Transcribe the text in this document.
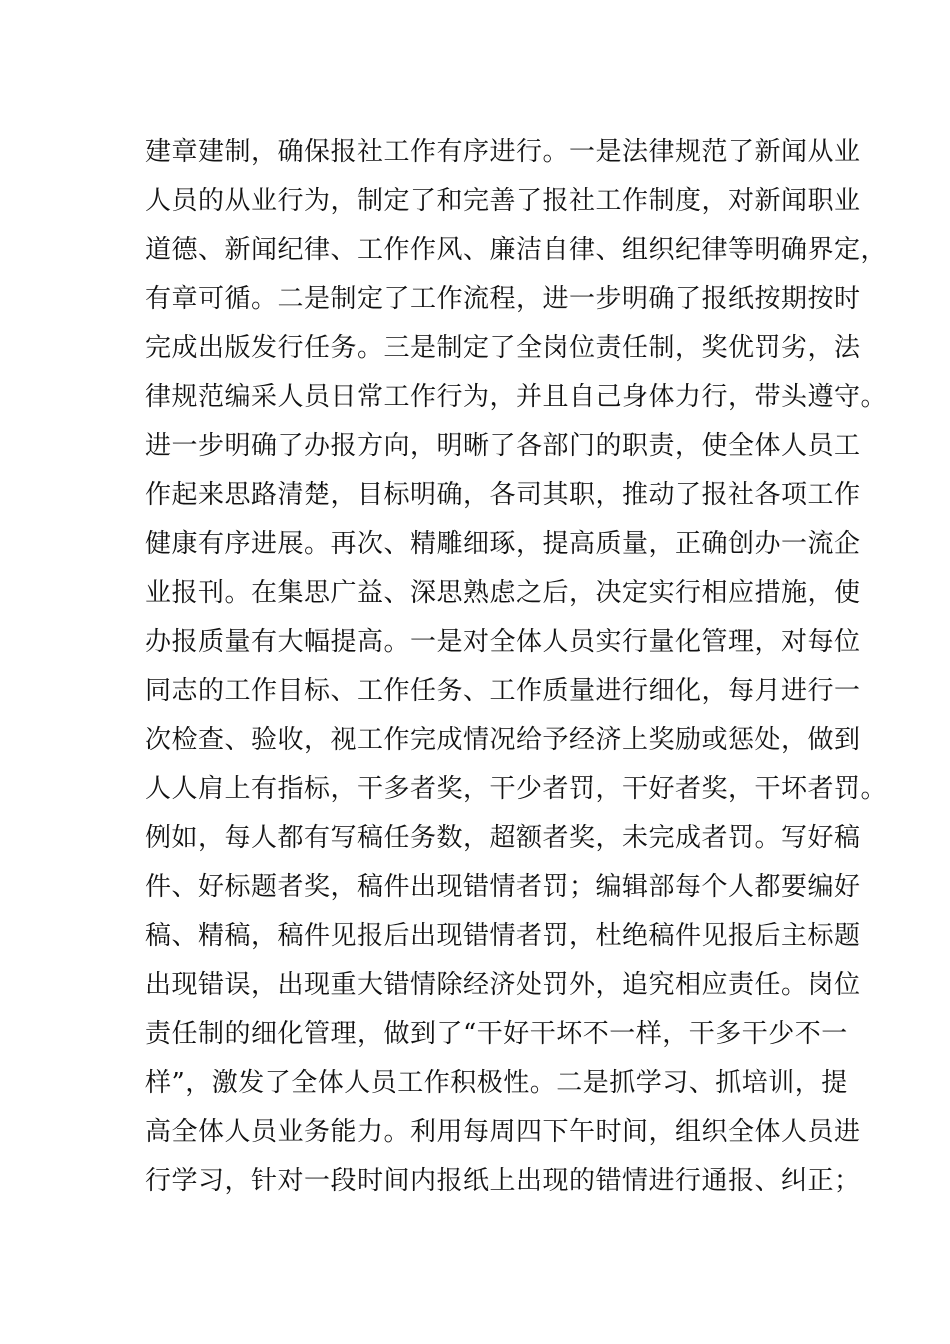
建章建制，确保报社工作有序进行。一是法律规范了新闻从业
人员的从业行为，制定了和完善了报社工作制度，对新闻职业
道德、新闻纪律、工作作风、廉洁自律、组织纪律等明确界定，
有章可循。二是制定了工作流程，进一步明确了报纸按期按时
完成出版发行任务。三是制定了全岗位责任制，奖优罚劣，法
律规范编采人员日常工作行为，并且自己身体力行，带头遵守。
进一步明确了办报方向，明晰了各部门的职责，使全体人员工
作起来思路清楚，目标明确，各司其职，推动了报社各项工作
健康有序进展。再次、精雕细琢，提高质量，正确创办一流企
业报刊。在集思广益、深思熟虑之后，决定实行相应措施，使
办报质量有大幅提高。一是对全体人员实行量化管理，对每位
同志的工作目标、工作任务、工作质量进行细化，每月进行一
次检查、验收，视工作完成情况给予经济上奖励或惩处，做到
人人肩上有指标，干多者奖，干少者罚，干好者奖，干坏者罚。
例如，每人都有写稿任务数，超额者奖，未完成者罚。写好稿
件、好标题者奖，稿件出现错情者罚；编辑部每个人都要编好
稿、精稿，稿件见报后出现错情者罚，杜绝稿件见报后主标题
出现错误，出现重大错情除经济处罚外，追究相应责任。岗位
责任制的细化管理，做到了“干好干坏不一样，干多干少不一
样”，激发了全体人员工作积极性。二是抓学习、抓培训，提
高全体人员业务能力。利用每周四下午时间，组织全体人员进
行学习，针对一段时间内报纸上出现的错情进行通报、纠正；
